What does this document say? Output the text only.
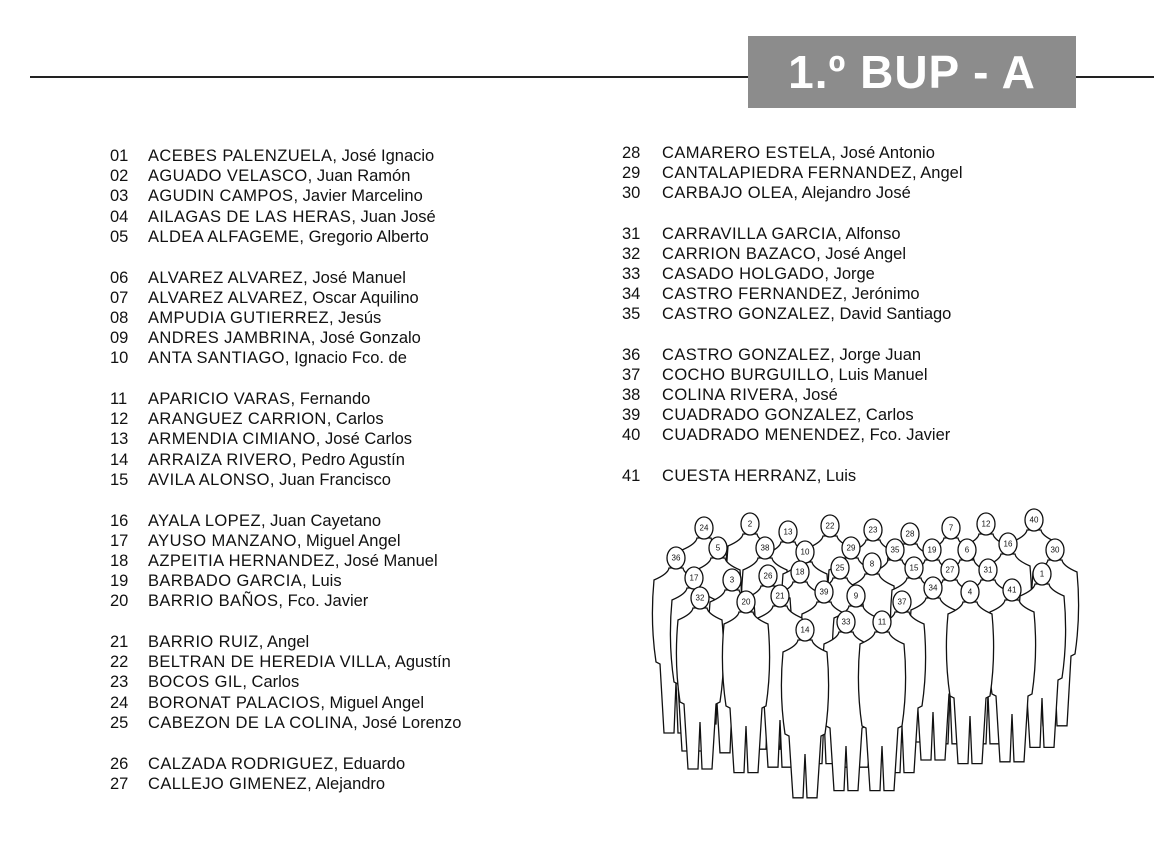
1.º BUP - A
01 ACEBES PALENZUELA, José Ignacio
02 AGUADO VELASCO, Juan Ramón
03 AGUDIN CAMPOS, Javier Marcelino
04 AILAGAS DE LAS HERAS, Juan José
05 ALDEA ALFAGEME, Gregorio Alberto
06 ALVAREZ ALVAREZ, José Manuel
07 ALVAREZ ALVAREZ, Oscar Aquilino
08 AMPUDIA GUTIERREZ, Jesús
09 ANDRES JAMBRINA, José Gonzalo
10 ANTA SANTIAGO, Ignacio Fco. de
11 APARICIO VARAS, Fernando
12 ARANGUEZ CARRION, Carlos
13 ARMENDIA CIMIANO, José Carlos
14 ARRAIZA RIVERO, Pedro Agustín
15 AVILA ALONSO, Juan Francisco
16 AYALA LOPEZ, Juan Cayetano
17 AYUSO MANZANO, Miguel Angel
18 AZPEITIA HERNANDEZ, José Manuel
19 BARBADO GARCIA, Luis
20 BARRIO BAÑOS, Fco. Javier
21 BARRIO RUIZ, Angel
22 BELTRAN DE HEREDIA VILLA, Agustín
23 BOCOS GIL, Carlos
24 BORONAT PALACIOS, Miguel Angel
25 CABEZON DE LA COLINA, José Lorenzo
26 CALZADA RODRIGUEZ, Eduardo
27 CALLEJO GIMENEZ, Alejandro
28 CAMARERO ESTELA, José Antonio
29 CANTALAPIEDRA FERNANDEZ, Angel
30 CARBAJO OLEA, Alejandro José
31 CARRAVILLA GARCIA, Alfonso
32 CARRION BAZACO, José Angel
33 CASADO HOLGADO, Jorge
34 CASTRO FERNANDEZ, Jerónimo
35 CASTRO GONZALEZ, David Santiago
36 CASTRO GONZALEZ, Jorge Juan
37 COCHO BURGUILLO, Luis Manuel
38 COLINA RIVERA, José
39 CUADRADO GONZALEZ, Carlos
40 CUADRADO MENENDEZ, Fco. Javier
41 CUESTA HERRANZ, Luis
40
2	12
22
24	7
23
13	28
16
5	38	29	35	19	6	30
10
36
8
25	15	27	31
18	1
26
17	3
34	41
39	4
21	9
32	20	37
33	11
14
